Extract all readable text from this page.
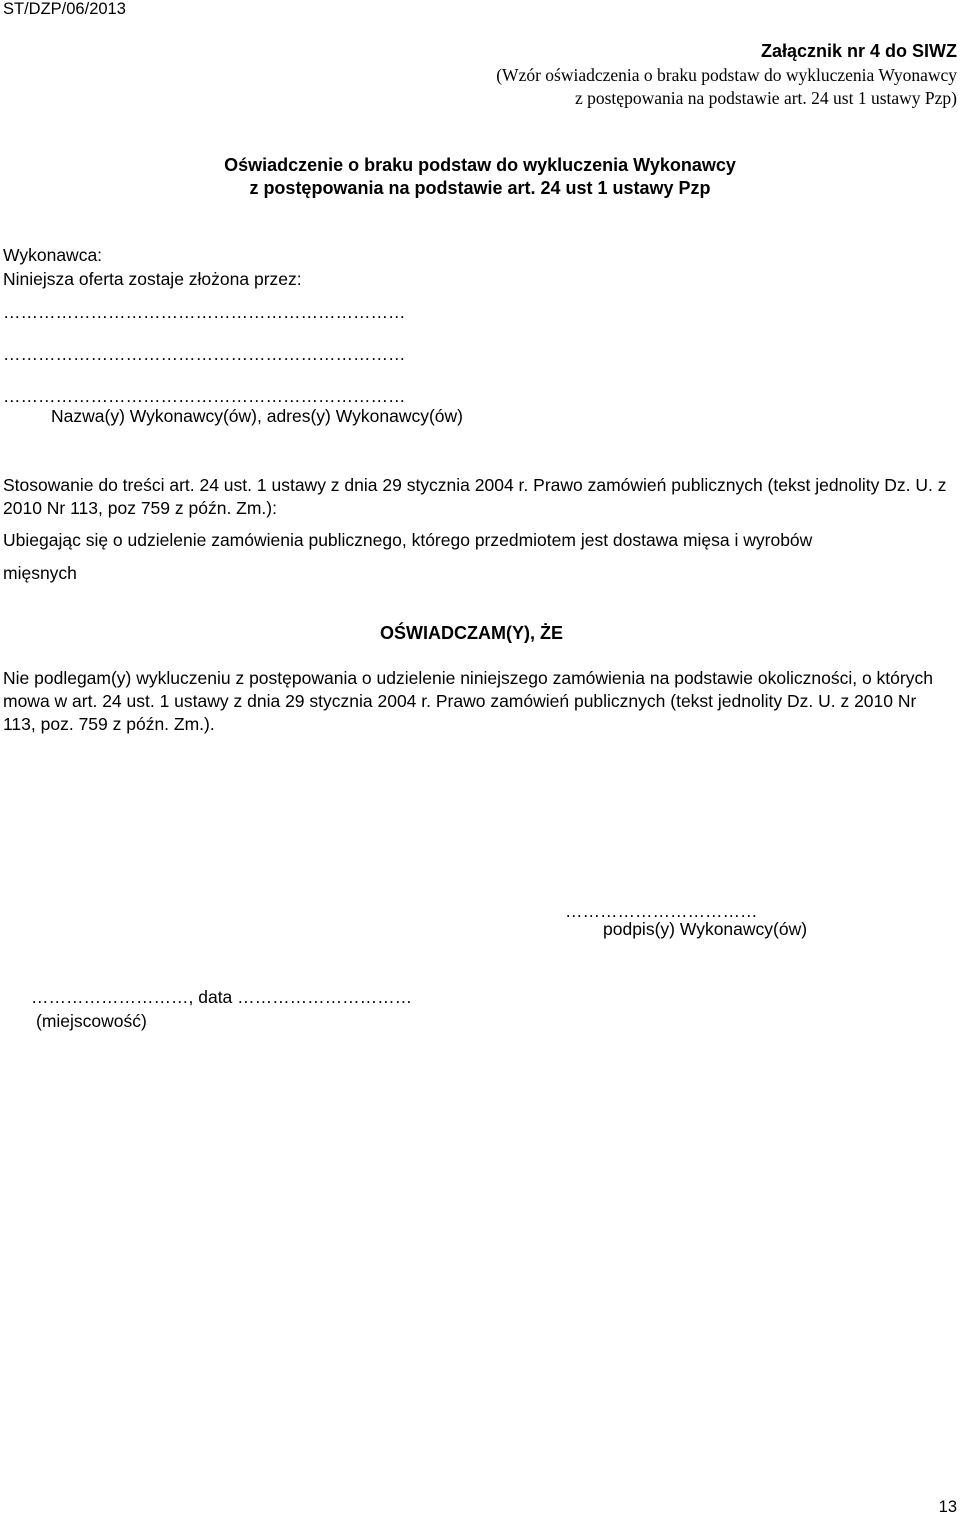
ST/DZP/06/2013

Załącznik nr 4 do SIWZ

(Wzór oświadczenia o braku podstaw do wykluczenia Wyonawcy

z postępowania na podstawie art. 24 ust 1 ustawy Pzp)

Oświadczenie o braku podstaw do wykluczenia Wykonawcy

z postępowania na podstawie art. 24 ust 1 ustawy Pzp

Wykonawca:

Niniejsza oferta zostaje złożona przez:

……………………………………………………………

……………………………………………………………

……………………………………………………………

Nazwa(y) Wykonawcy(ów), adres(y) Wykonawcy(ów)

Stosowanie do treści art. 24 ust. 1 ustawy z dnia 29 stycznia 2004 r. Prawo zamówień publicznych (tekst jednolity Dz. U. z 2010 Nr 113, poz 759 z późn. Zm.):

Ubiegając się o udzielenie zamówienia publicznego, którego przedmiotem jest dostawa mięsa i wyrobów

mięsnych

OŚWIADCZAM(Y), ŻE

Nie podlegam(y) wykluczeniu z postępowania o udzielenie niniejszego zamówienia na podstawie okoliczności, o których mowa w art. 24 ust. 1 ustawy z dnia 29 stycznia 2004 r. Prawo zamówień publicznych (tekst jednolity Dz. U. z 2010 Nr 113, poz. 759 z późn. Zm.).

……………………………

podpis(y) Wykonawcy(ów)

………………………, data …………………………

(miejscowość)

13
